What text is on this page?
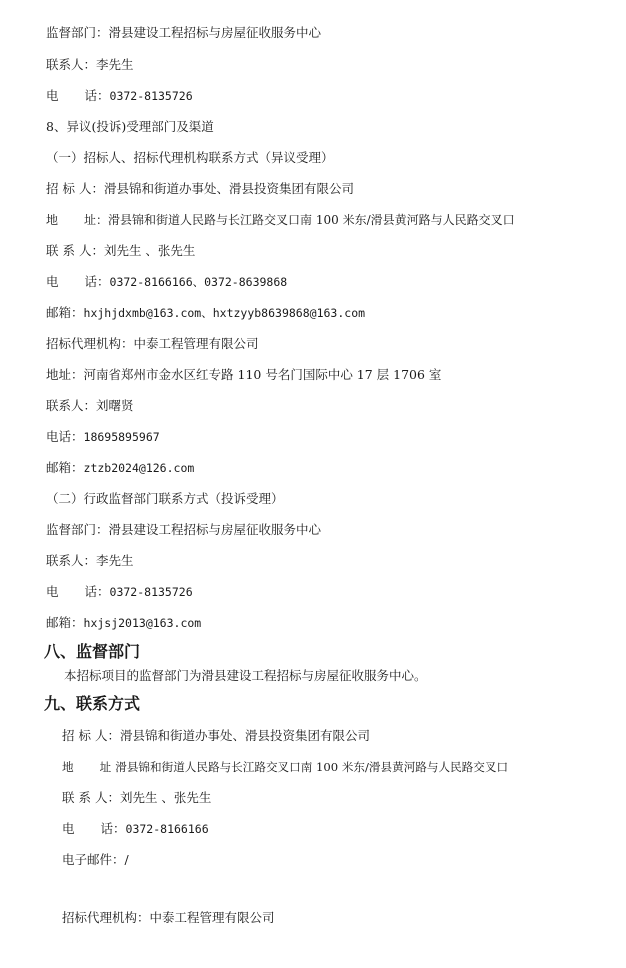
监督部门：滑县建设工程招标与房屋征收服务中心
联系人：李先生
电 话：0372-8135726
8、异议(投诉)受理部门及渠道
（一）招标人、招标代理机构联系方式（异议受理）
招 标 人：滑县锦和街道办事处、滑县投资集团有限公司
地 址：滑县锦和街道人民路与长江路交叉口南 100 米东/滑县黄河路与人民路交叉口
联 系 人：刘先生 、张先生
电 话：0372-8166166、0372-8639868
邮箱：hxjhjdxmb@163.com、hxtzyyb8639868@163.com
招标代理机构：中泰工程管理有限公司
地址：河南省郑州市金水区红专路 110 号名门国际中心 17 层 1706 室
联系人：刘曙贤
电话：18695895967
邮箱：ztzb2024@126.com
（二）行政监督部门联系方式（投诉受理）
监督部门：滑县建设工程招标与房屋征收服务中心
联系人：李先生
电 话：0372-8135726
邮箱：hxjsj2013@163.com
八、监督部门
本招标项目的监督部门为滑县建设工程招标与房屋征收服务中心。
九、联系方式
招 标 人：滑县锦和街道办事处、滑县投资集团有限公司
地 址 滑县锦和街道人民路与长江路交叉口南 100 米东/滑县黄河路与人民路交叉口
联 系 人：刘先生 、张先生
电 话：0372-8166166
电子邮件：/
招标代理机构：中泰工程管理有限公司
